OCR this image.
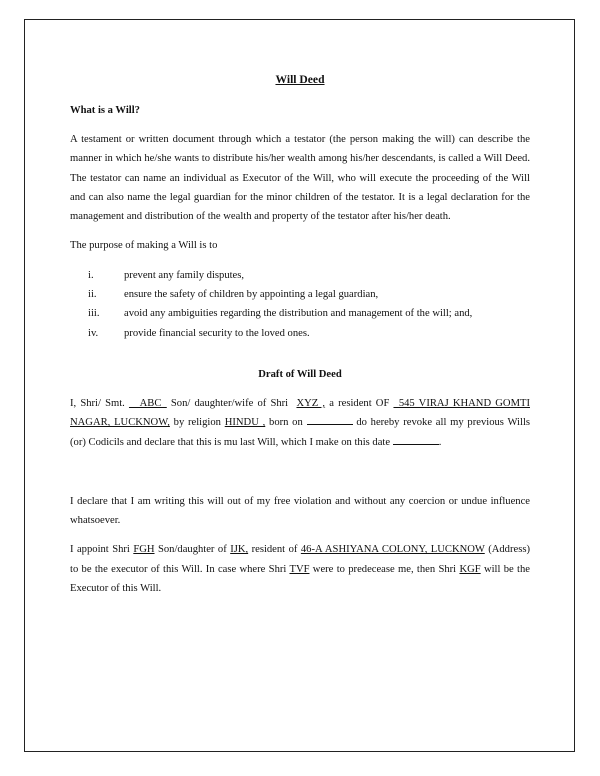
Will Deed
What is a Will?

A testament or written document through which a testator (the person making the will) can describe the manner in which he/she wants to distribute his/her wealth among his/her descendants, is called a Will Deed. The testator can name an individual as Executor of the Will, who will execute the proceeding of the Will and can also name the legal guardian for the minor children of the testator. It is a legal declaration for the management and distribution of the wealth and property of the testator after his/her death.

The purpose of making a Will is to

i.	prevent any family disputes,
ii.	ensure the safety of children by appointing a legal guardian,
iii.	avoid any ambiguities regarding the distribution and management of the will; and,
iv.	provide financial security to the loved ones.
Draft of Will Deed

I, Shri/ Smt. __ABC_ Son/ daughter/wife of Shri XYZ , a resident OF _545 VIRAJ KHAND GOMTI NAGAR, LUCKNOW, by religion HINDU , born on	do hereby revoke all my previous Wills (or) Codicils and declare that this is mu last Will, which I make on this date	.

I declare that I am writing this will out of my free violation and without any coercion or undue influence whatsoever.

I appoint Shri FGH Son/daughter of IJK, resident of 46-A ASHIYANA COLONY, LUCKNOW (Address) to be the executor of this Will. In case where Shri TVF were to predecease me, then Shri KGF will be the Executor of this Will.
